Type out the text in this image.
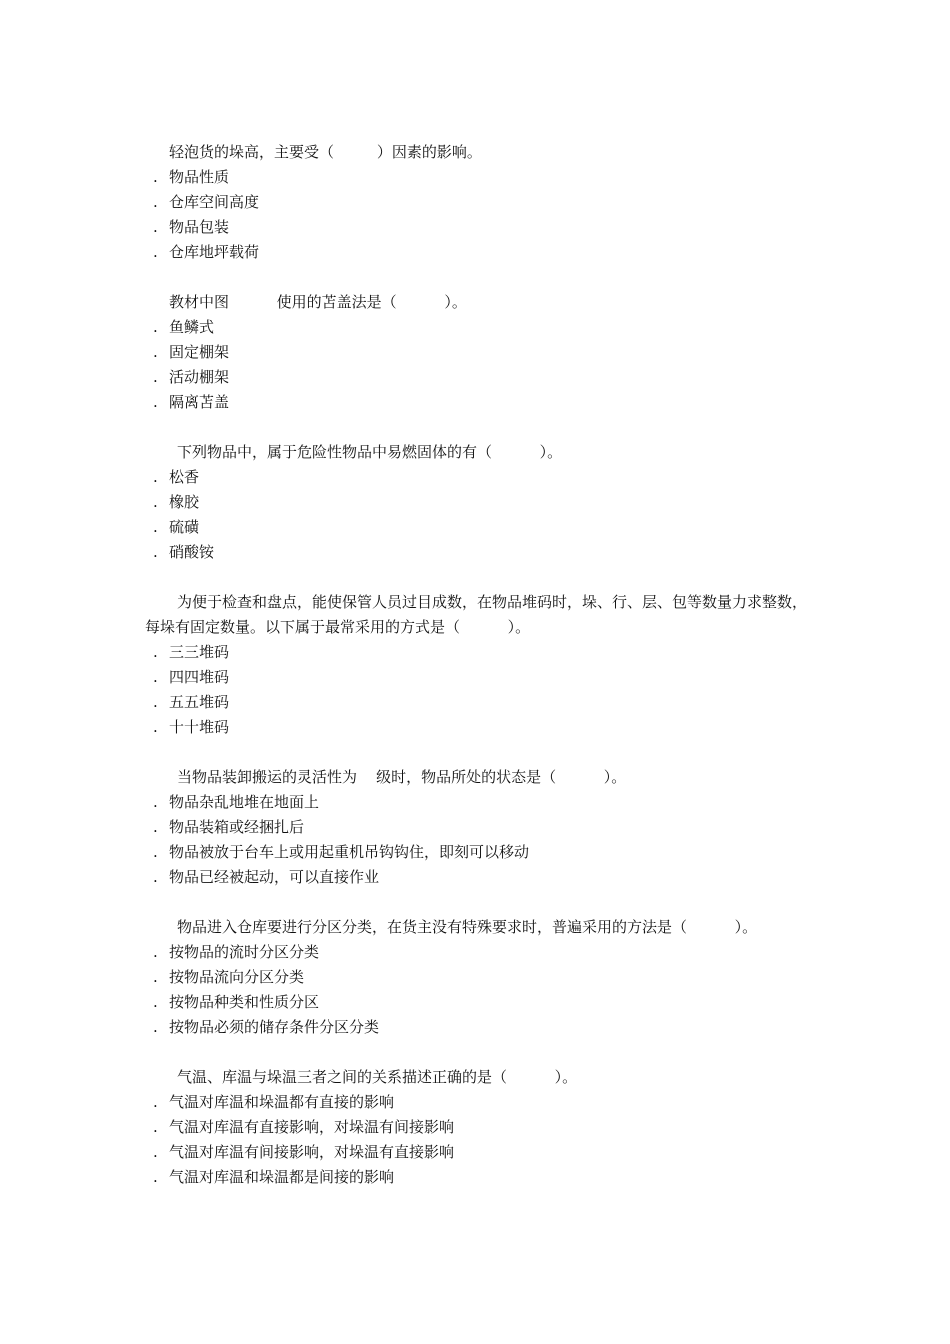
轻泡货的垛高，主要受（         ）因素的影响。

. 物品性质
. 仓库空间高度
. 物品包装
. 仓库地坪载荷

教材中图          使用的苫盖法是（          ）。

. 鱼鳞式
. 固定棚架
. 活动棚架
. 隔离苫盖

下列物品中，属于危险性物品中易燃固体的有（          ）。

. 松香
. 橡胶
. 硫磺
. 硝酸铵

为便于检查和盘点，能使保管人员过目成数，在物品堆码时，垛、行、层、包等数量力求整数，每垛有固定数量。以下属于最常采用的方式是（          ）。

. 三三堆码
. 四四堆码
. 五五堆码
. 十十堆码

当物品装卸搬运的灵活性为    级时，物品所处的状态是（          ）。

. 物品杂乱地堆在地面上
. 物品装箱或经捆扎后
. 物品被放于台车上或用起重机吊钩钩住，即刻可以移动
. 物品已经被起动，可以直接作业

物品进入仓库要进行分区分类，在货主没有特殊要求时，普遍采用的方法是（          ）。

. 按物品的流时分区分类
. 按物品流向分区分类
. 按物品种类和性质分区
. 按物品必须的储存条件分区分类

气温、库温与垛温三者之间的关系描述正确的是（          ）。

. 气温对库温和垛温都有直接的影响
. 气温对库温有直接影响，对垛温有间接影响
. 气温对库温有间接影响，对垛温有直接影响
. 气温对库温和垛温都是间接的影响
